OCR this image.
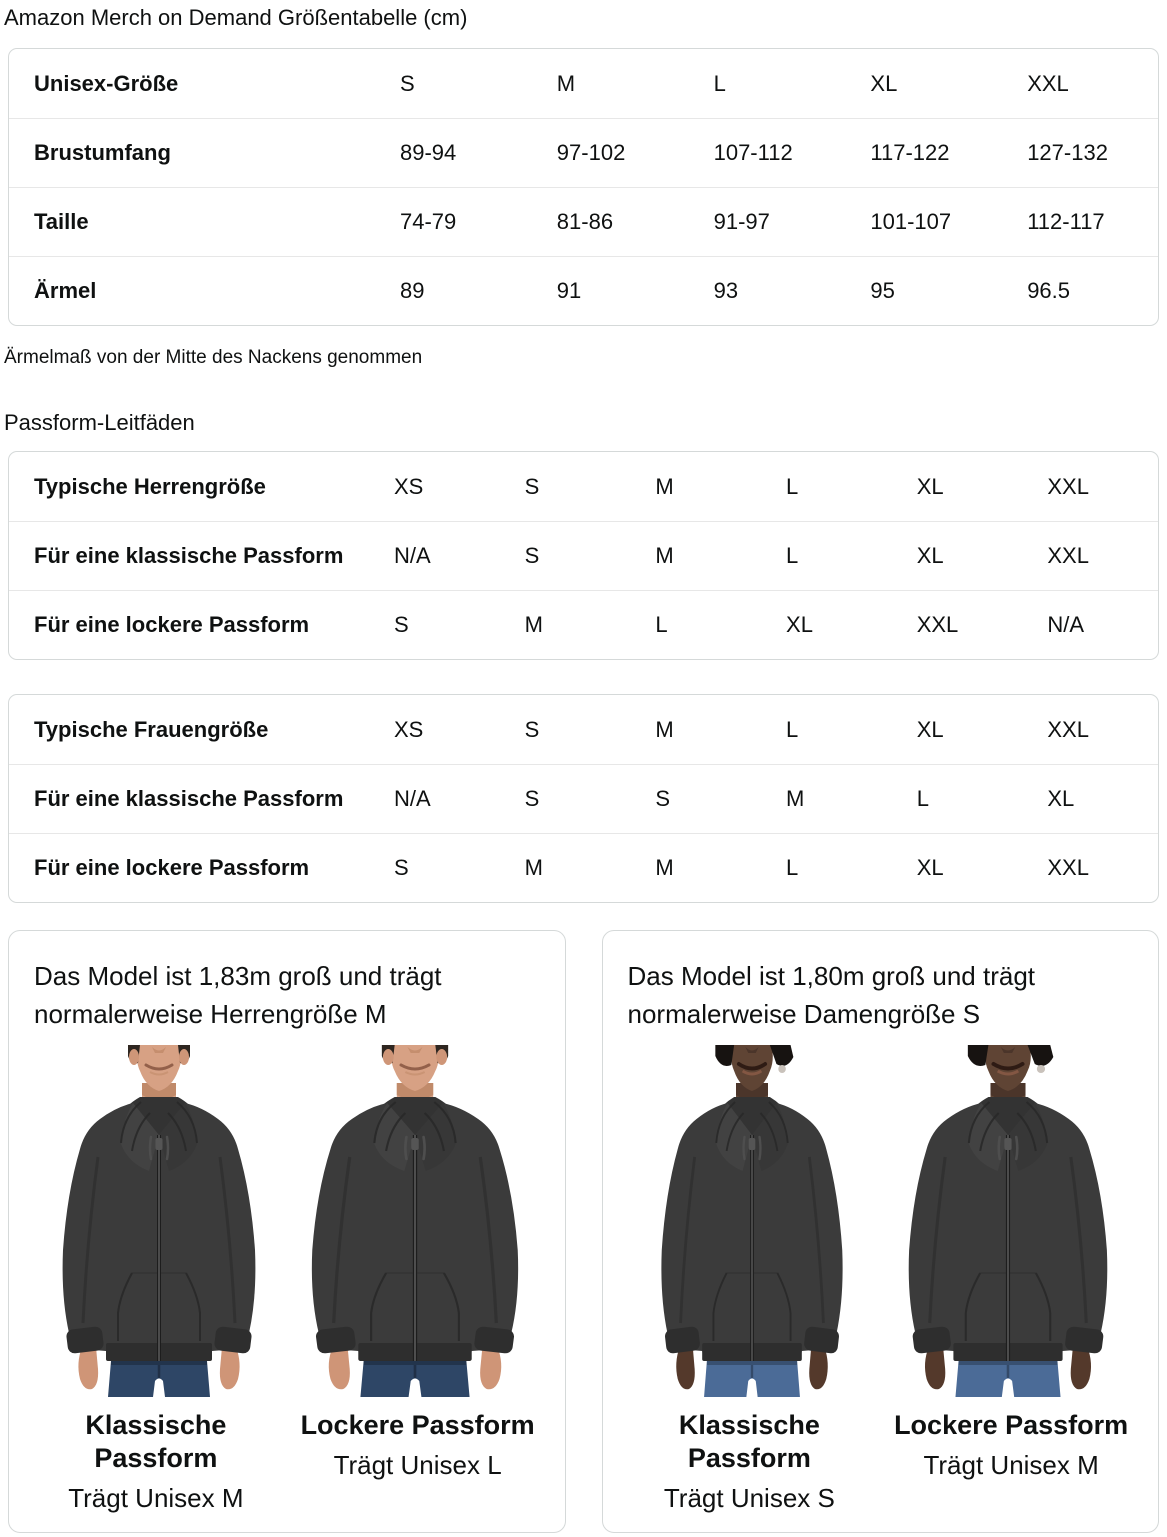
Amazon Merch on Demand Größentabelle (cm)
Unisex-Größe	S	M	L	XL	XXL
Brustumfang	89-94	97-102	107-112	117-122	127-132
Taille	74-79	81-86	91-97	101-107	112-117
Ärmel	89	91	93	95	96.5

Ärmelmaß von der Mitte des Nackens genommen

Passform-Leitfäden
Typische Herrengröße	XS	S	M	L	XL	XXL
Für eine klassische Passform	N/A	S	M	L	XL	XXL
Für eine lockere Passform	S	M	L	XL	XXL	N/A
Typische Frauengröße	XS	S	M	L	XL	XXL
Für eine klassische Passform	N/A	S	S	M	L	XL
Für eine lockere Passform	S	M	M	L	XL	XXL

Das Model ist 1,83m groß und trägt normalerweise Herrengröße M

Klassische Passform
Trägt Unisex M
Lockere Passform
Trägt Unisex L

Das Model ist 1,80m groß und trägt normalerweise Damengröße S

Klassische Passform
Trägt Unisex S
Lockere Passform
Trägt Unisex M
